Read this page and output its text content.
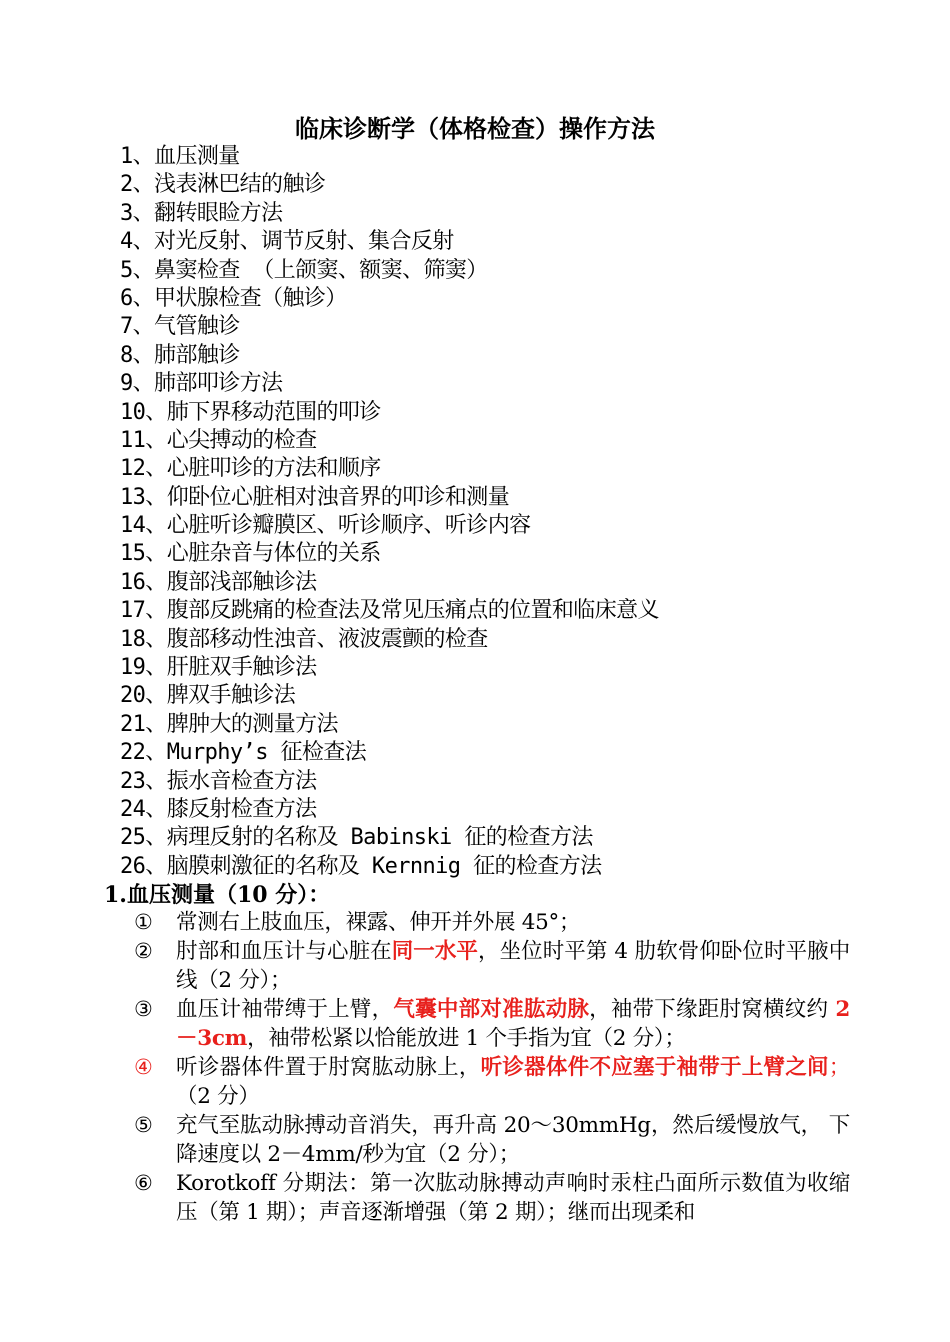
临床诊断学（体格检查）操作方法
1、血压测量
2、浅表淋巴结的触诊
3、翻转眼睑方法
4、对光反射、调节反射、集合反射
5、鼻窦检查 （上颌窦、额窦、筛窦）
6、甲状腺检查（触诊）
7、气管触诊
8、肺部触诊
9、肺部叩诊方法
10、肺下界移动范围的叩诊
11、心尖搏动的检查
12、心脏叩诊的方法和顺序
13、仰卧位心脏相对浊音界的叩诊和测量
14、心脏听诊瓣膜区、听诊顺序、听诊内容
15、心脏杂音与体位的关系
16、腹部浅部触诊法
17、腹部反跳痛的检查法及常见压痛点的位置和临床意义
18、腹部移动性浊音、液波震颤的检查
19、肝脏双手触诊法
20、脾双手触诊法
21、脾肿大的测量方法
22、Murphy’s 征检查法
23、振水音检查方法
24、膝反射检查方法
25、病理反射的名称及 Babinski 征的检查方法
26、脑膜刺激征的名称及 Kernnig 征的检查方法
1.血压测量（10 分）：
①	常测右上肢血压，裸露、伸开并外展 45°；
②	肘部和血压计与心脏在同一水平，坐位时平第 4 肋软骨仰卧位时平腋中线（2 分）；
③	血压计袖带缚于上臂，气囊中部对准肱动脉，袖带下缘距肘窝横纹约 2－3cm，袖带松紧以恰能放进 1 个手指为宜（2 分）；
④	听诊器体件置于肘窝肱动脉上，听诊器体件不应塞于袖带于上臂之间；（2 分）
⑤	充气至肱动脉搏动音消失，再升高 20～30mmHg，然后缓慢放气， 下降速度以 2－4mm/秒为宜（2 分）；
⑥	Korotkoff 分期法：第一次肱动脉搏动声响时汞柱凸面所示数值为收缩压（第 1 期）；声音逐渐增强（第 2 期）；继而出现柔和
